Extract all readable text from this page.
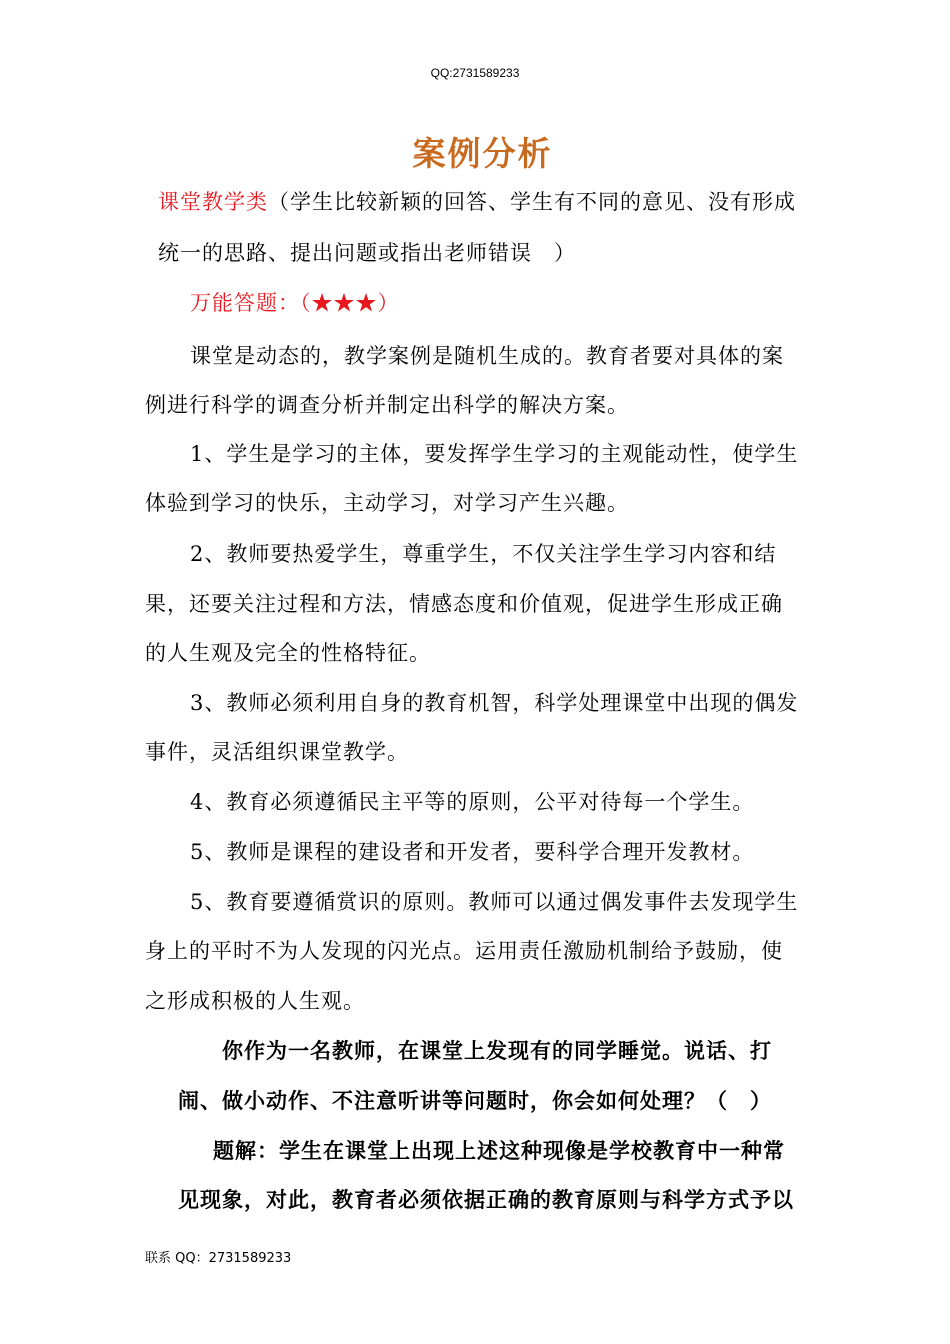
QQ:2731589233
案例分析
课堂教学类（学生比较新颖的回答、学生有不同的意见、没有形成
统一的思路、提出问题或指出老师错误　）
万能答题：（★★★）
课堂是动态的，教学案例是随机生成的。教育者要对具体的案
例进行科学的调查分析并制定出科学的解决方案。
1、学生是学习的主体，要发挥学生学习的主观能动性，使学生
体验到学习的快乐，主动学习，对学习产生兴趣。
2、教师要热爱学生，尊重学生，不仅关注学生学习内容和结
果，还要关注过程和方法，情感态度和价值观，促进学生形成正确
的人生观及完全的性格特征。
3、教师必须利用自身的教育机智，科学处理课堂中出现的偶发
事件，灵活组织课堂教学。
4、教育必须遵循民主平等的原则，公平对待每一个学生。
5、教师是课程的建设者和开发者，要科学合理开发教材。
5、教育要遵循赏识的原则。教师可以通过偶发事件去发现学生
身上的平时不为人发现的闪光点。运用责任激励机制给予鼓励，使
之形成积极的人生观。
你作为一名教师，在课堂上发现有的同学睡觉。说话、打
闹、做小动作、不注意听讲等问题时，你会如何处理？（　）
题解：学生在课堂上出现上述这种现像是学校教育中一种常
见现象，对此，教育者必须依据正确的教育原则与科学方式予以
联系 QQ：2731589233
